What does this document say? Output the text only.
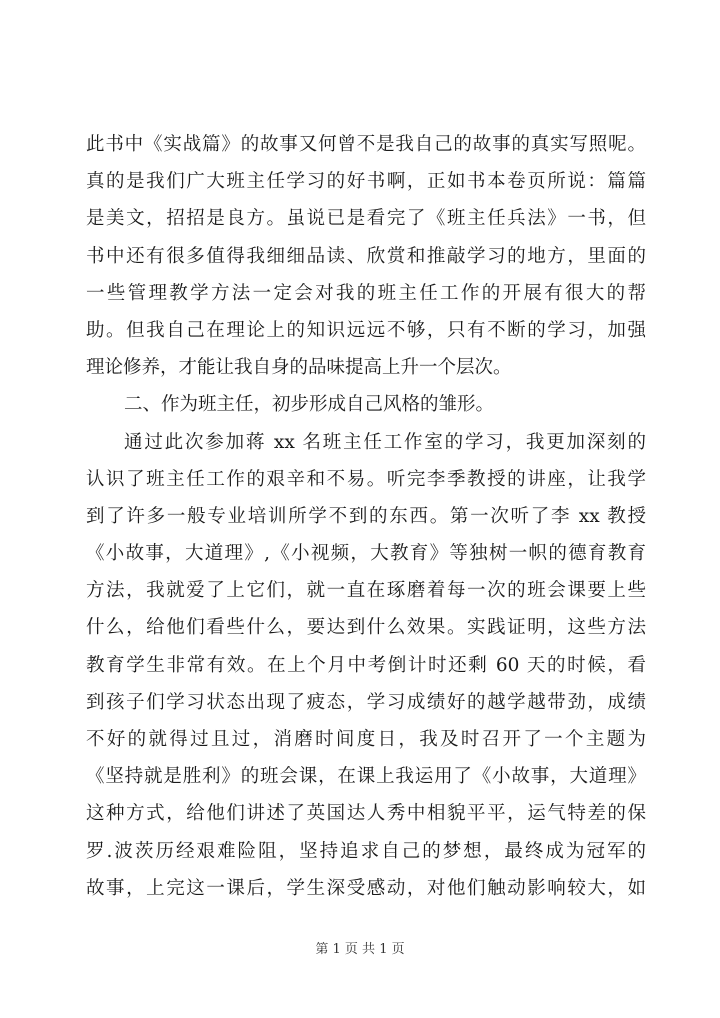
此书中《实战篇》的故事又何曾不是我自己的故事的真实写照呢。
真的是我们广大班主任学习的好书啊，正如书本卷页所说：篇篇
是美文，招招是良方。虽说已是看完了《班主任兵法》一书，但
书中还有很多值得我细细品读、欣赏和推敲学习的地方，里面的
一些管理教学方法一定会对我的班主任工作的开展有很大的帮
助。但我自己在理论上的知识远远不够，只有不断的学习，加强
理论修养，才能让我自身的品味提高上升一个层次。
二、作为班主任，初步形成自己风格的雏形。
通过此次参加蒋 xx 名班主任工作室的学习，我更加深刻的
认识了班主任工作的艰辛和不易。听完李季教授的讲座，让我学
到了许多一般专业培训所学不到的东西。第一次听了李 xx 教授
《小故事，大道理》,《小视频，大教育》等独树一帜的德育教育
方法，我就爱了上它们，就一直在琢磨着每一次的班会课要上些
什么，给他们看些什么，要达到什么效果。实践证明，这些方法
教育学生非常有效。在上个月中考倒计时还剩 60 天的时候，看
到孩子们学习状态出现了疲态，学习成绩好的越学越带劲，成绩
不好的就得过且过，消磨时间度日，我及时召开了一个主题为
《坚持就是胜利》的班会课，在课上我运用了《小故事，大道理》
这种方式，给他们讲述了英国达人秀中相貌平平，运气特差的保
罗.波茨历经艰难险阻，坚持追求自己的梦想，最终成为冠军的
故事，上完这一课后，学生深受感动，对他们触动影响较大，如
第 1 页 共 1 页
